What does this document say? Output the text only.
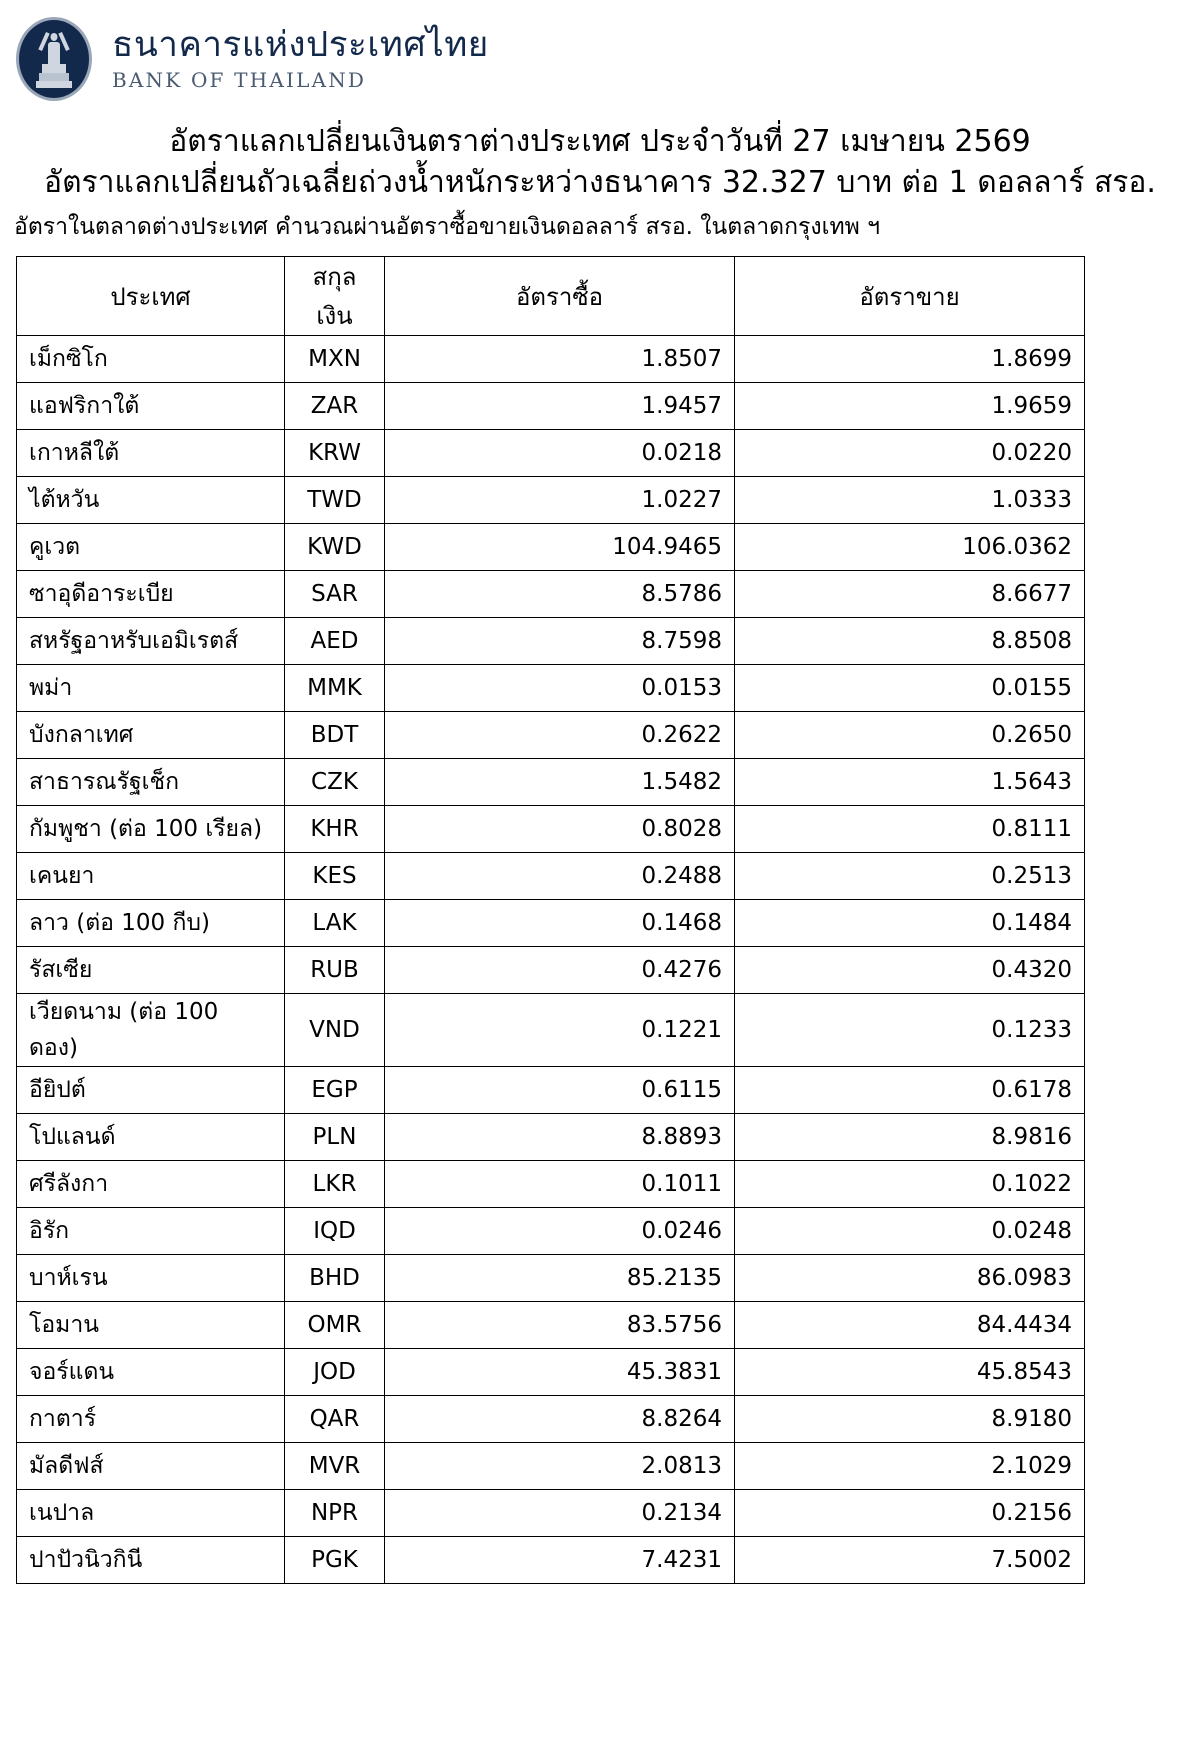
ธนาคารแห่งประเทศไทย
BANK OF THAILAND
อัตราแลกเปลี่ยนเงินตราต่างประเทศ ประจำวันที่ 27 เมษายน 2569
อัตราแลกเปลี่ยนถัวเฉลี่ยถ่วงน้ำหนักระหว่างธนาคาร 32.327 บาท ต่อ 1 ดอลลาร์ สรอ.
อัตราในตลาดต่างประเทศ คำนวณผ่านอัตราซื้อขายเงินดอลลาร์ สรอ. ในตลาดกรุงเทพ ฯ
ประเทศ	สกุลเงิน	อัตราซื้อ	อัตราขาย
เม็กซิโก	MXN	1.8507	1.8699
แอฟริกาใต้	ZAR	1.9457	1.9659
เกาหลีใต้	KRW	0.0218	0.0220
ไต้หวัน	TWD	1.0227	1.0333
คูเวต	KWD	104.9465	106.0362
ซาอุดีอาระเบีย	SAR	8.5786	8.6677
สหรัฐอาหรับเอมิเรตส์	AED	8.7598	8.8508
พม่า	MMK	0.0153	0.0155
บังกลาเทศ	BDT	0.2622	0.2650
สาธารณรัฐเช็ก	CZK	1.5482	1.5643
กัมพูชา (ต่อ 100 เรียล)	KHR	0.8028	0.8111
เคนยา	KES	0.2488	0.2513
ลาว (ต่อ 100 กีบ)	LAK	0.1468	0.1484
รัสเซีย	RUB	0.4276	0.4320
เวียดนาม (ต่อ 100 ดอง)	VND	0.1221	0.1233
อียิปต์	EGP	0.6115	0.6178
โปแลนด์	PLN	8.8893	8.9816
ศรีลังกา	LKR	0.1011	0.1022
อิรัก	IQD	0.0246	0.0248
บาห์เรน	BHD	85.2135	86.0983
โอมาน	OMR	83.5756	84.4434
จอร์แดน	JOD	45.3831	45.8543
กาตาร์	QAR	8.8264	8.9180
มัลดีฟส์	MVR	2.0813	2.1029
เนปาล	NPR	0.2134	0.2156
ปาปัวนิวกินี	PGK	7.4231	7.5002
